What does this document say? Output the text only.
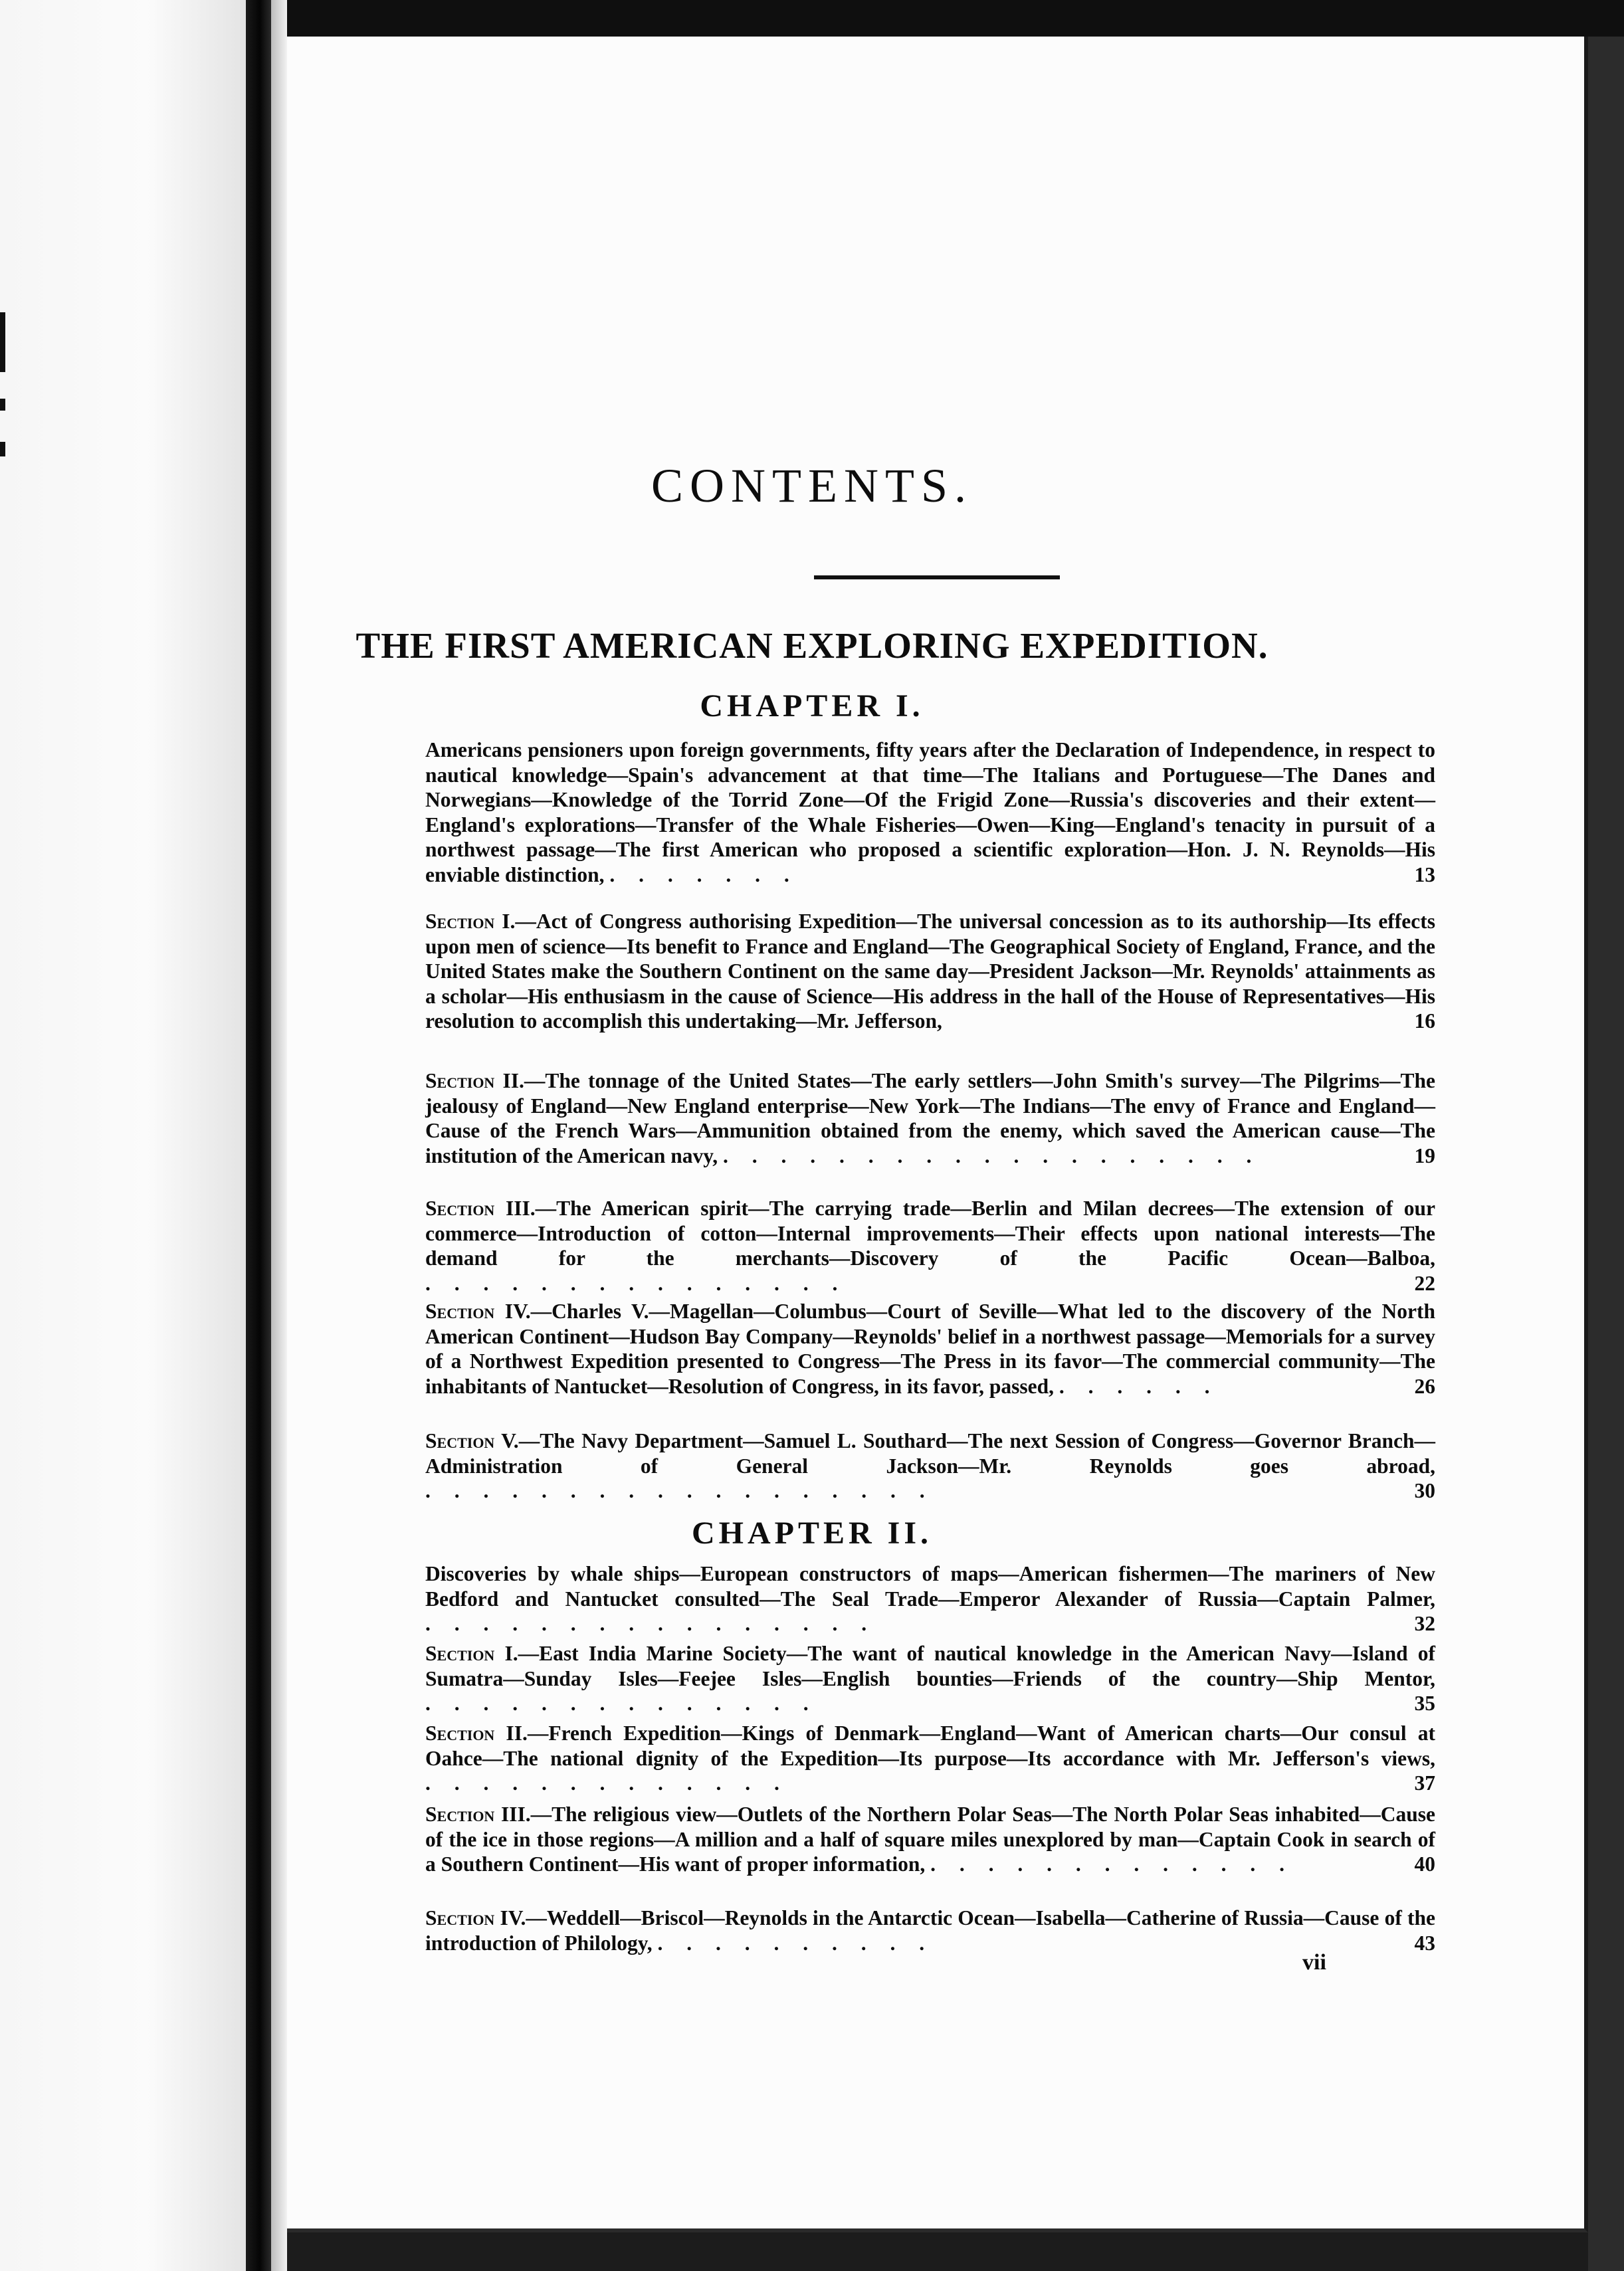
CONTENTS.
THE FIRST AMERICAN EXPLORING EXPEDITION.
CHAPTER I.

Americans pensioners upon foreign governments, fifty years after the Declaration of Independence, in respect to nautical knowledge—Spain's advancement at that time—The Italians and Portuguese—The Danes and Norwegians—Knowledge of the Torrid Zone—Of the Frigid Zone—Russia's discoveries and their extent—England's explorations—Transfer of the Whale Fisheries—Owen—King—England's tenacity in pursuit of a northwest passage—The first American who proposed a scientific exploration—Hon. J. N. Reynolds—His enviable distinction, . . . . . . .	13

Section I.—Act of Congress authorising Expedition—The universal concession as to its authorship—Its effects upon men of science—Its benefit to France and England—The Geographical Society of England, France, and the United States make the Southern Continent on the same day—President Jackson—Mr. Reynolds' attainments as a scholar—His enthusiasm in the cause of Science—His address in the hall of the House of Representatives—His resolution to accomplish this undertaking—Mr. Jefferson,	16

Section II.—The tonnage of the United States—The early settlers—John Smith's survey—The Pilgrims—The jealousy of England—New England enterprise—New York—The Indians—The envy of France and England—Cause of the French Wars—Ammunition obtained from the enemy, which saved the American cause—The institution of the American navy, . . . . . . . . . . . . . . . . . . .	19

Section III.—The American spirit—The carrying trade—Berlin and Milan decrees—The extension of our commerce—Introduction of cotton—Internal improvements—Their effects upon national interests—The demand for the merchants—Discovery of the Pacific Ocean—Balboa, . . . . . . . . . . . . . . .	22

Section IV.—Charles V.—Magellan—Columbus—Court of Seville—What led to the discovery of the North American Continent—Hudson Bay Company—Reynolds' belief in a northwest passage—Memorials for a survey of a Northwest Expedition presented to Congress—The Press in its favor—The commercial community—The inhabitants of Nantucket—Resolution of Congress, in its favor, passed, . . . . . .	26

Section V.—The Navy Department—Samuel L. Southard—The next Session of Congress—Governor Branch—Administration of General Jackson—Mr. Reynolds goes abroad, . . . . . . . . . . . . . . . . . .	30

CHAPTER II.

Discoveries by whale ships—European constructors of maps—American fishermen—The mariners of New Bedford and Nantucket consulted—The Seal Trade—Emperor Alexander of Russia—Captain Palmer, . . . . . . . . . . . . . . . .	32

Section I.—East India Marine Society—The want of nautical knowledge in the American Navy—Island of Sumatra—Sunday Isles—Feejee Isles—English bounties—Friends of the country—Ship Mentor, . . . . . . . . . . . . . .	35

Section II.—French Expedition—Kings of Denmark—England—Want of American charts—Our consul at Oahce—The national dignity of the Expedition—Its purpose—Its accordance with Mr. Jefferson's views, . . . . . . . . . . . . .	37

Section III.—The religious view—Outlets of the Northern Polar Seas—The North Polar Seas inhabited—Cause of the ice in those regions—A million and a half of square miles unexplored by man—Captain Cook in search of a Southern Continent—His want of proper information, . . . . . . . . . . . . .	40

Section IV.—Weddell—Briscol—Reynolds in the Antarctic Ocean—Isabella—Catherine of Russia—Cause of the introduction of Philology, . . . . . . . . . .	43

vii
